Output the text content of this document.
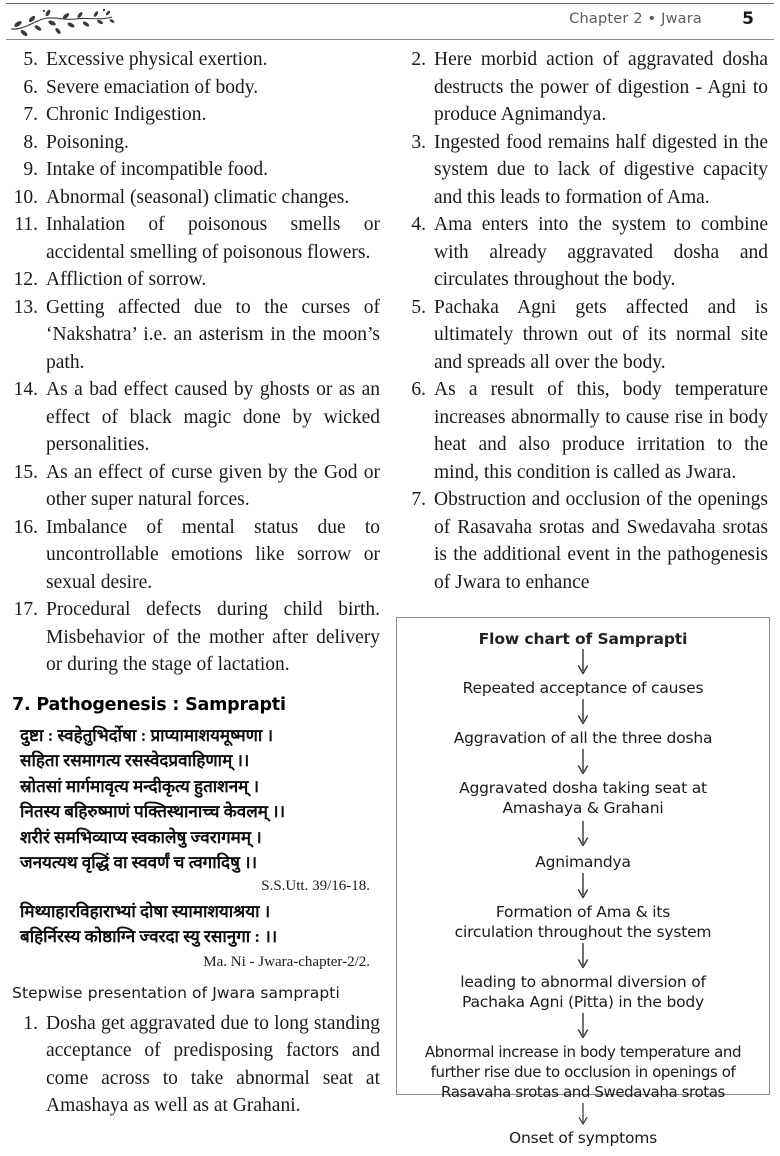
Chapter 2 • Jwara 5
5. Excessive physical exertion.
6. Severe emaciation of body.
7. Chronic Indigestion.
8. Poisoning.
9. Intake of incompatible food.
10. Abnormal (seasonal) climatic changes.
11. Inhalation of poisonous smells or accidental smelling of poisonous flowers.
12. Affliction of sorrow.
13. Getting affected due to the curses of ‘Nakshatra’ i.e. an asterism in the moon’s path.
14. As a bad effect caused by ghosts or as an effect of black magic done by wicked personalities.
15. As an effect of curse given by the God or other super natural forces.
16. Imbalance of mental status due to uncontrollable emotions like sorrow or sexual desire.
17. Procedural defects during child birth. Misbehavior of the mother after delivery or during the stage of lactation.
7. Pathogenesis : Samprapti
दुष्टा : स्वहेतुभिर्दोषा : प्राप्यामाशयमूष्मणा ।
सहिता रसमागत्य रसस्वेदप्रवाहिणाम् ।।
स्रोतसां मार्गमावृत्य मन्दीकृत्य हुताशनम् ।
नितस्य बहिरुष्माणं पक्तिस्थानाच्च केवलम् ।।
शरीरं समभिव्याप्य स्वकालेषु ज्वरागमम् ।
जनयत्यथ वृद्धिं वा स्ववर्णं च त्वगादिषु ।।
S.S.Utt. 39/16-18.
मिथ्याहारविहाराभ्यां दोषा स्यामाशयाश्रया ।
बहिर्निरस्य कोष्ठाग्नि ज्वरदा स्यु रसानुगा : ।।
Ma. Ni - Jwara-chapter-2/2.
Stepwise presentation of Jwara samprapti
1. Dosha get aggravated due to long standing acceptance of predisposing factors and come across to take abnormal seat at Amashaya as well as at Grahani.
2. Here morbid action of aggravated dosha destructs the power of digestion - Agni to produce Agnimandya.
3. Ingested food remains half digested in the system due to lack of digestive capacity and this leads to formation of Ama.
4. Ama enters into the system to combine with already aggravated dosha and circulates throughout the body.
5. Pachaka Agni gets affected and is ultimately thrown out of its normal site and spreads all over the body.
6. As a result of this, body temperature increases abnormally to cause rise in body heat and also produce irritation to the mind, this condition is called as Jwara.
7. Obstruction and occlusion of the openings of Rasavaha srotas and Swedavaha srotas is the additional event in the pathogenesis of Jwara to enhance
Flow chart of Samprapti
Repeated acceptance of causes
Aggravation of all the three dosha
Aggravated dosha taking seat at
Amashaya & Grahani
Agnimandya
Formation of Ama & its
circulation throughout the system
leading to abnormal diversion of
Pachaka Agni (Pitta) in the body
Abnormal increase in body temperature and
further rise due to occlusion in openings of
Rasavaha srotas and Swedavaha srotas
Onset of symptoms
